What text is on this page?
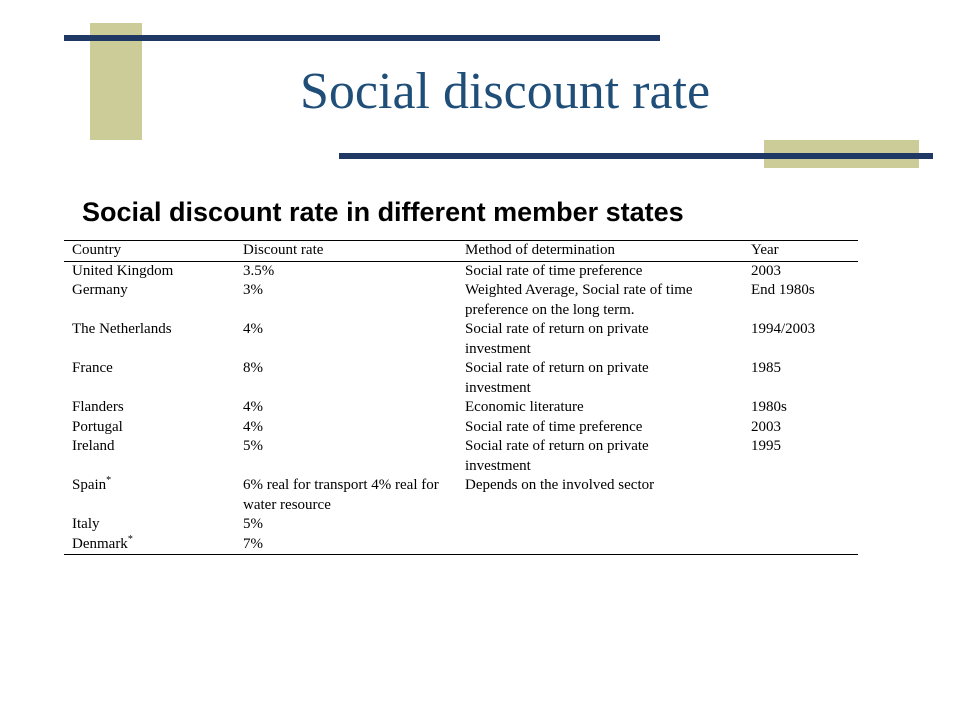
Social discount rate
Social discount rate in different member states
Country	Discount rate	Method of determination	Year
United Kingdom	3.5%	Social rate of time preference	2003
Germany	3%	Weighted Average, Social rate of time preference on the long term.	End 1980s
The Netherlands	4%	Social rate of return on private investment	1994/2003
France	8%	Social rate of return on private investment	1985
Flanders	4%	Economic literature	1980s
Portugal	4%	Social rate of time preference	2003
Ireland	5%	Social rate of return on private investment	1995
Spain*	6% real for transport 4% real for water resource	Depends on the involved sector	
Italy	5%		
Denmark*	7%		
